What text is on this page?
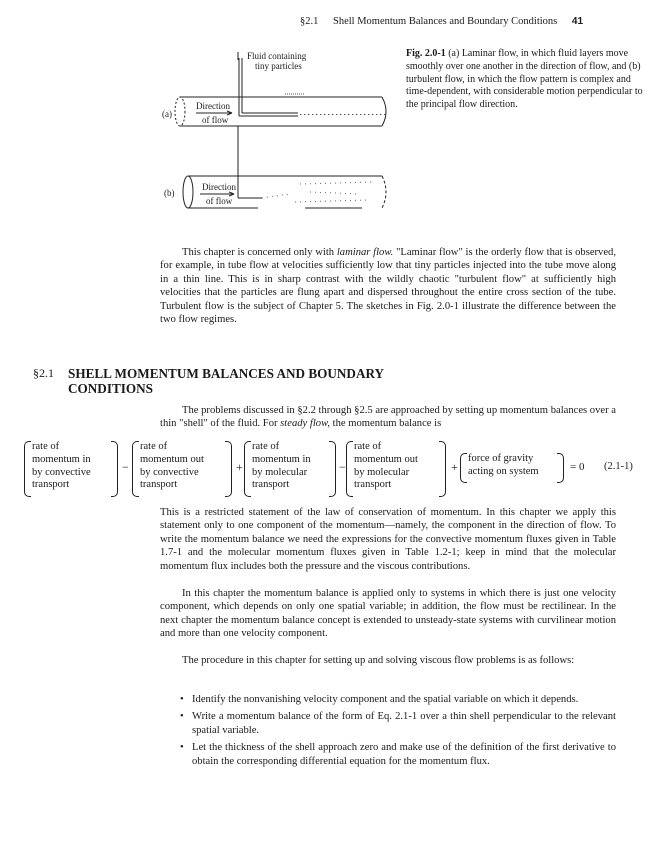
§2.1 Shell Momentum Balances and Boundary Conditions 41
Fluid containing
tiny particles
(a)
Direction
of flow
(b)
Direction
of flow
Fig. 2.0-1 (a) Laminar flow, in which fluid layers move smoothly over one another in the direction of flow, and (b) turbulent flow, in which the flow pattern is complex and time-dependent, with considerable motion perpendicular to the principal flow direction.
This chapter is concerned only with laminar flow. "Laminar flow" is the orderly flow that is observed, for example, in tube flow at velocities sufficiently low that tiny particles injected into the tube move along in a thin line. This is in sharp contrast with the wildly chaotic "turbulent flow" at sufficiently high velocities that the particles are flung apart and dispersed throughout the entire cross section of the tube. Turbulent flow is the subject of Chapter 5. The sketches in Fig. 2.0-1 illustrate the difference between the two flow regimes.
§2.1 SHELL MOMENTUM BALANCES AND BOUNDARY CONDITIONS
The problems discussed in §2.2 through §2.5 are approached by setting up momentum balances over a thin "shell" of the fluid. For steady flow, the momentum balance is
rate of
momentum in
by convective
transport
−
rate of
momentum out
by convective
transport
+
rate of
momentum in
by molecular
transport
−
rate of
momentum out
by molecular
transport
+
force of gravity
acting on system	= 0 (2.1-1)
This is a restricted statement of the law of conservation of momentum. In this chapter we apply this statement only to one component of the momentum—namely, the component in the direction of flow. To write the momentum balance we need the expressions for the convective momentum fluxes given in Table 1.7-1 and the molecular momentum fluxes given in Table 1.2-1; keep in mind that the molecular momentum flux includes both the pressure and the viscous contributions.
In this chapter the momentum balance is applied only to systems in which there is just one velocity component, which depends on only one spatial variable; in addition, the flow must be rectilinear. In the next chapter the momentum balance concept is extended to unsteady-state systems with curvilinear motion and more than one velocity component.
The procedure in this chapter for setting up and solving viscous flow problems is as follows:
• Identify the nonvanishing velocity component and the spatial variable on which it depends.
• Write a momentum balance of the form of Eq. 2.1-1 over a thin shell perpendicular to the relevant spatial variable.
• Let the thickness of the shell approach zero and make use of the definition of the first derivative to obtain the corresponding differential equation for the momentum flux.
